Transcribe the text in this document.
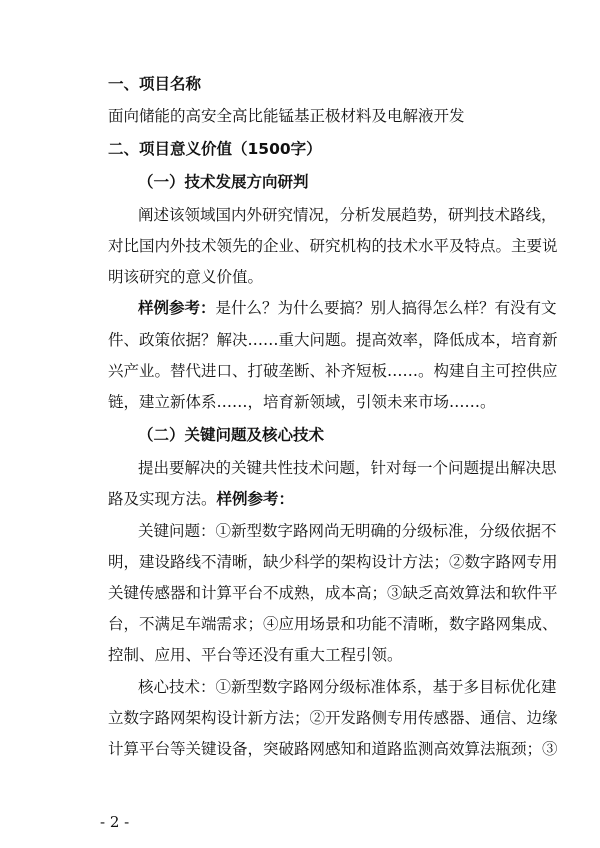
一、项目名称
面向储能的高安全高比能锰基正极材料及电解液开发
二、项目意义价值（1500字）
（一）技术发展方向研判
阐述该领域国内外研究情况，分析发展趋势，研判技术路线，
对比国内外技术领先的企业、研究机构的技术水平及特点。主要说
明该研究的意义价值。
样例参考：是什么？为什么要搞？别人搞得怎么样？有没有文
件、政策依据？解决……重大问题。提高效率，降低成本，培育新
兴产业。替代进口、打破垄断、补齐短板……。构建自主可控供应
链，建立新体系……，培育新领域，引领未来市场……。
（二）关键问题及核心技术
提出要解决的关键共性技术问题，针对每一个问题提出解决思
路及实现方法。样例参考：
关键问题：①新型数字路网尚无明确的分级标准，分级依据不
明，建设路线不清晰，缺少科学的架构设计方法；②数字路网专用
关键传感器和计算平台不成熟，成本高；③缺乏高效算法和软件平
台，不满足车端需求；④应用场景和功能不清晰，数字路网集成、
控制、应用、平台等还没有重大工程引领。
核心技术：①新型数字路网分级标准体系，基于多目标优化建
立数字路网架构设计新方法；②开发路侧专用传感器、通信、边缘
计算平台等关键设备，突破路网感知和道路监测高效算法瓶颈；③
- 2 -
